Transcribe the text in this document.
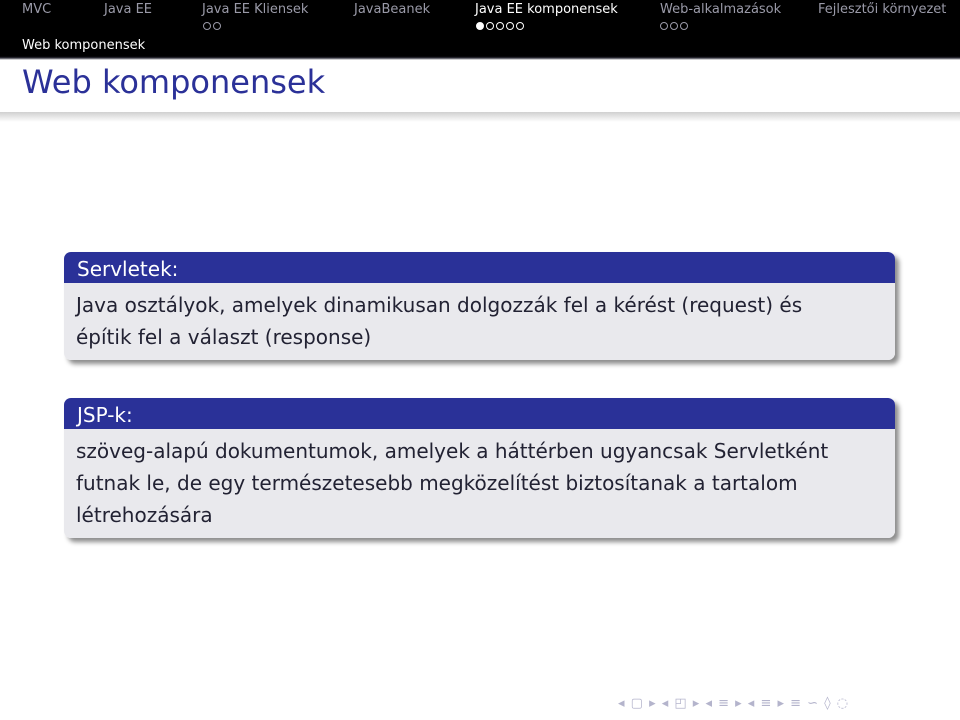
MVC	Java EE	Java EE Kliensek	JavaBeanek	Java EE komponensek	Web-alkalmazások	Fejlesztői környezet
Web komponensek
Web komponensek
Servletek:
Java osztályok, amelyek dinamikusan dolgozzák fel a kérést (request) és
építik fel a választ (response)
JSP-k:
szöveg-alapú dokumentumok, amelyek a háttérben ugyancsak Servletként
futnak le, de egy természetesebb megközelítést biztosítanak a tartalom
létrehozására
◂ ▢ ▸ ◂ ◰ ▸ ◂ ≡ ▸ ◂ ≡ ▸ ≡ ∽ ◊ ◌
